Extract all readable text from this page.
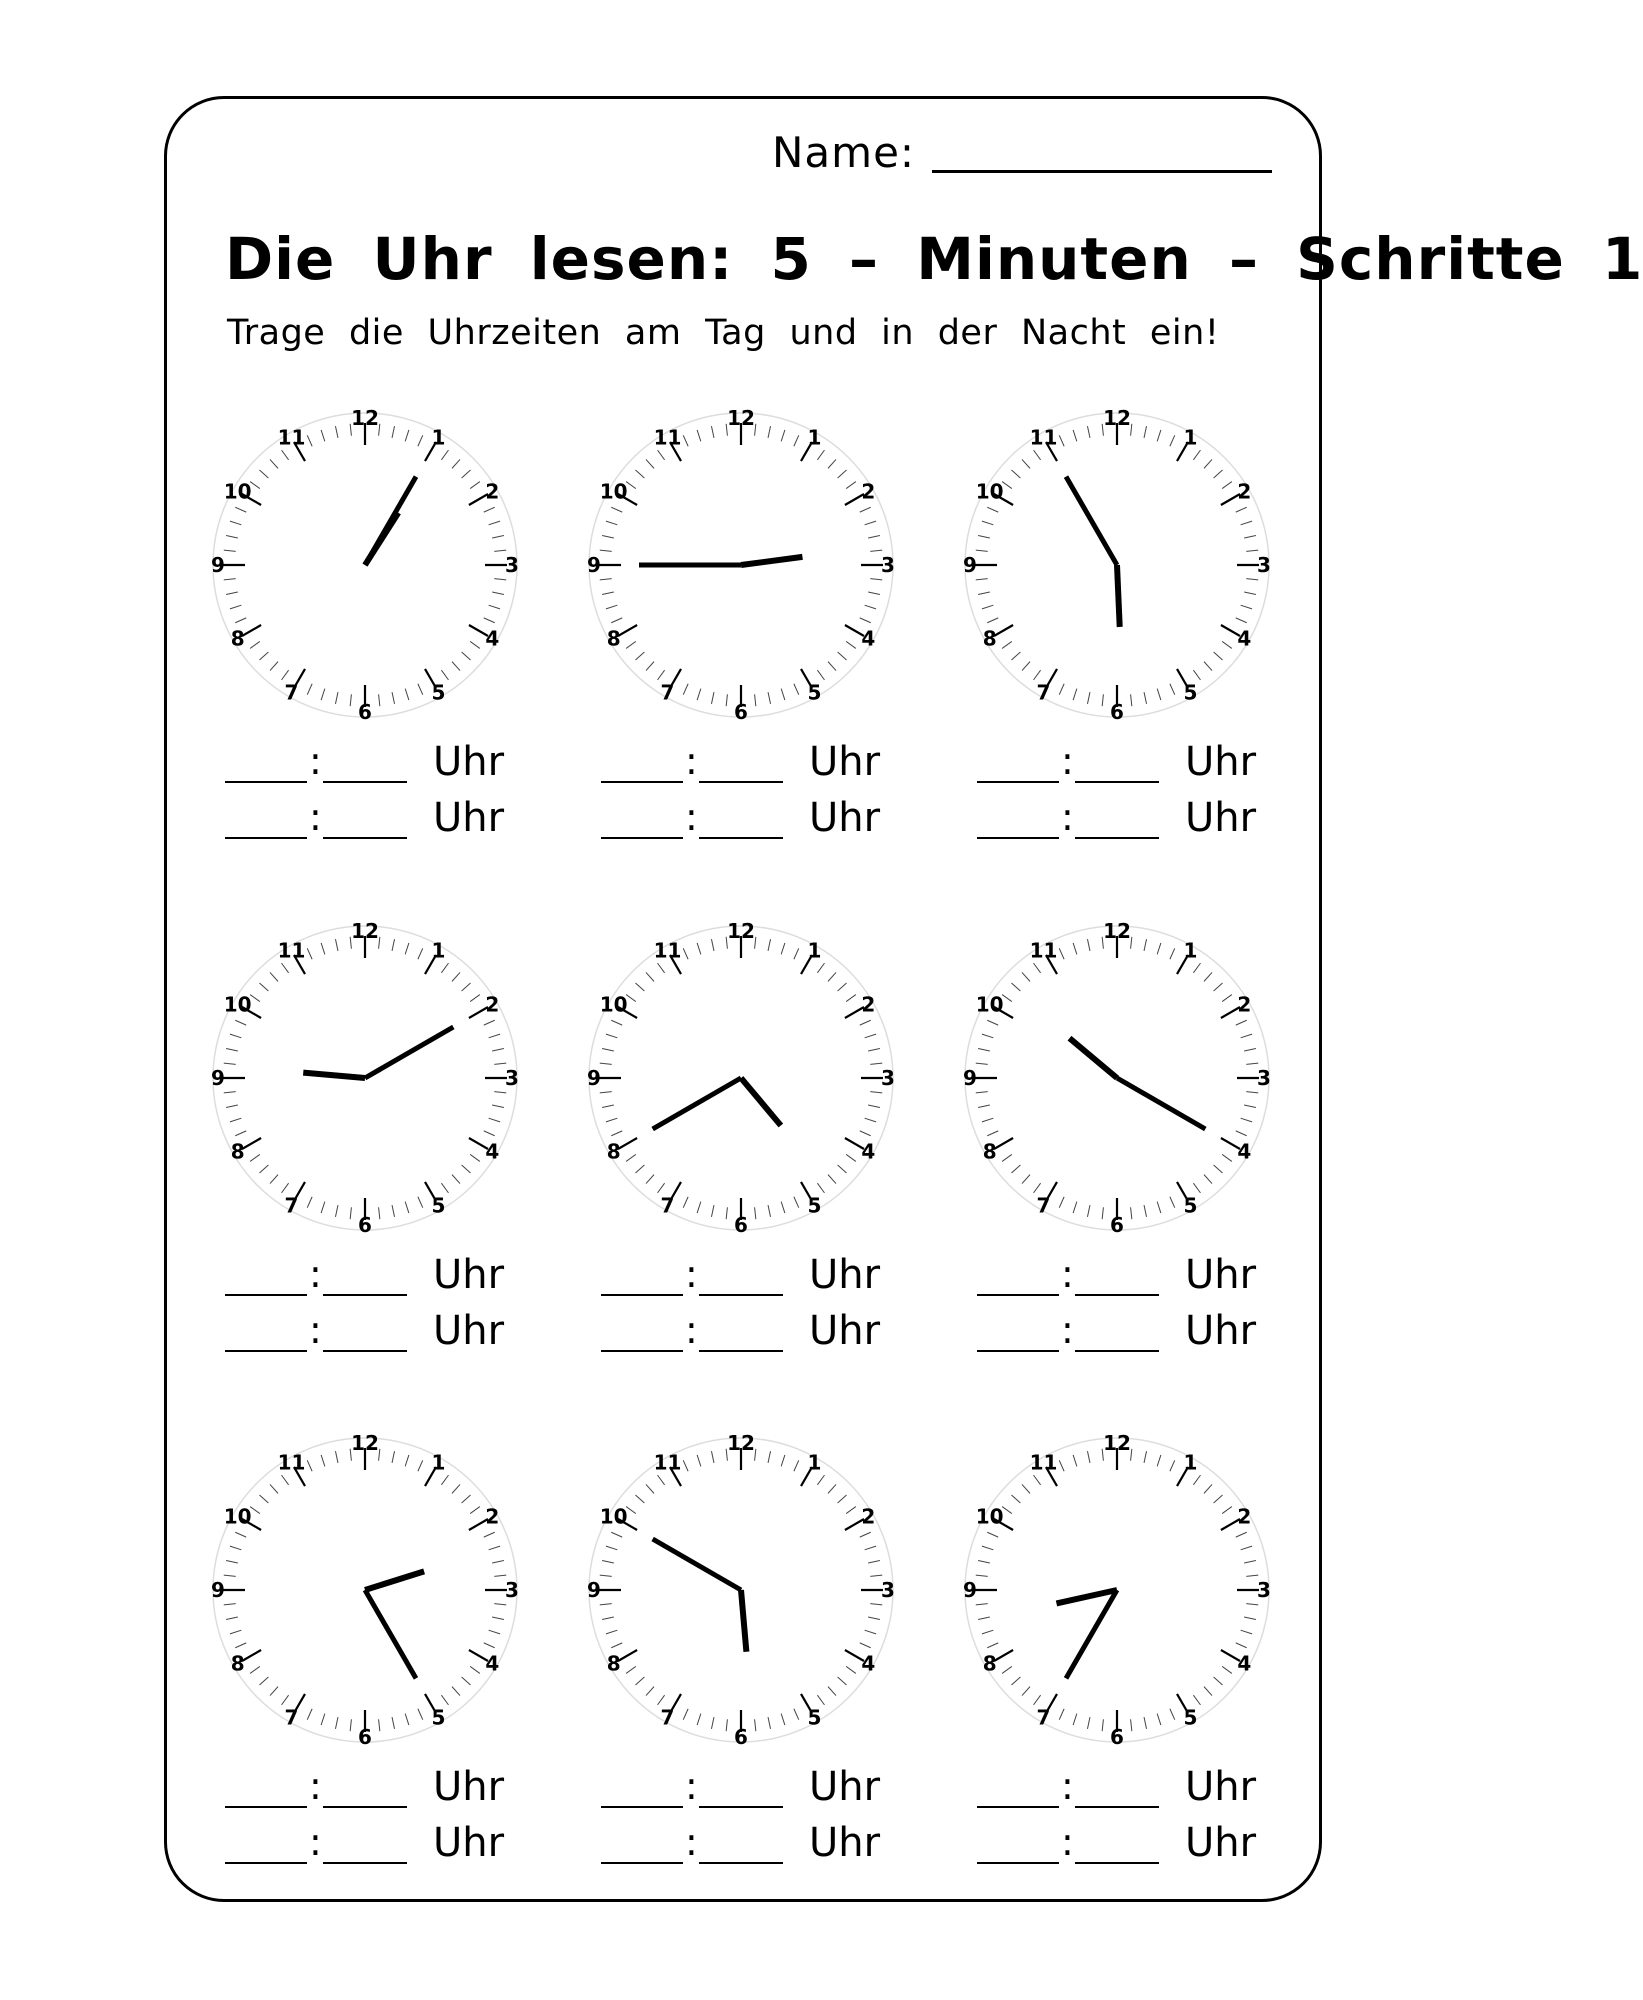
Name:
Die Uhr lesen: 5 – Minuten – Schritte 1
Trage die Uhrzeiten am Tag und in der Nacht ein!
12
1
2
3
4
5
6
7
8
9
10
11
:	Uhr
:	Uhr
12
1
2
3
4
5
6
7
8
9
10
11
:	Uhr
:	Uhr
12
1
2
3
4
5
6
7
8
9
10
11
:	Uhr
:	Uhr
12
1
2
3
4
5
6
7
8
9
10
11
:	Uhr
:	Uhr
12
1
2
3
4
5
6
7
8
9
10
11
:	Uhr
:	Uhr
12
1
2
3
4
5
6
7
8
9
10
11
:	Uhr
:	Uhr
12
1
2
3
4
5
6
7
8
9
10
11
:	Uhr
:	Uhr
12
1
2
3
4
5
6
7
8
9
10
11
:	Uhr
:	Uhr
12
1
2
3
4
5
6
7
8
9
10
11
:	Uhr
:	Uhr
